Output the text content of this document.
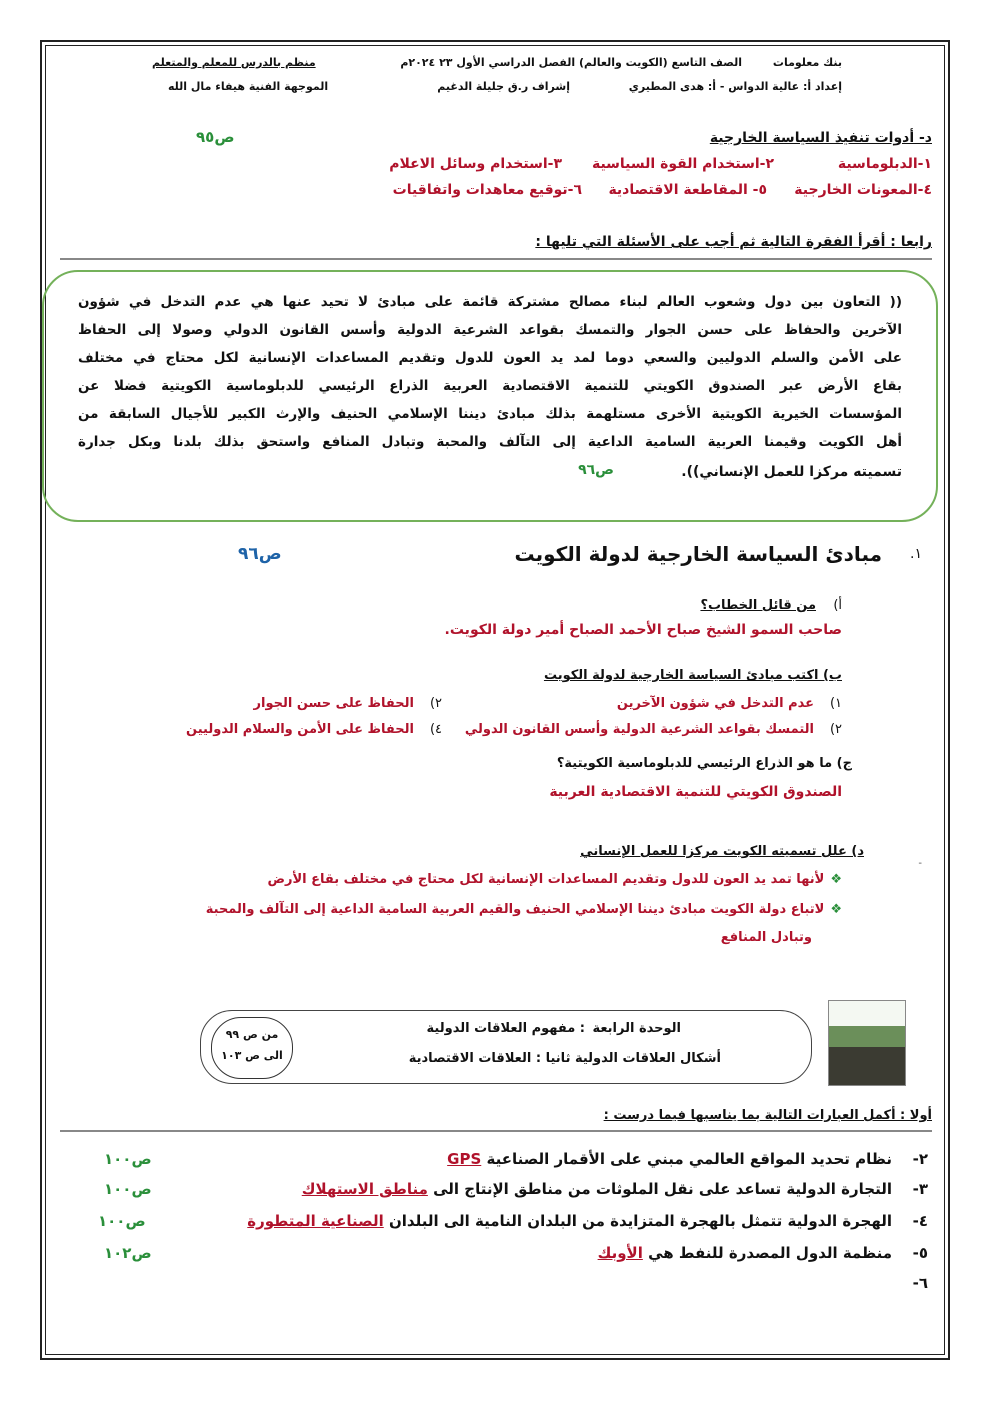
بنك معلومات
الصف التاسع (الكويت والعالم) الفصل الدراسي الأول ٢٣ ٢٠٢٤م
منظم بالدرس للمعلم والمتعلم
إعداد أ: عالية الدواس - أ: هدى المطيري
إشراف ر.ق جليلة الدغيم
الموجهة الفنية هيفاء مال الله
د- أدوات تنفيذ السياسة الخارجية
ص٩٥
١-الدبلوماسية
٢-استخدام القوة السياسية
٣-استخدام وسائل الاعلام
٤-المعونات الخارجية
٥- المقاطعة الاقتصادية
٦-توقيع معاهدات واتفاقيات
رابعا : أقرأ الفقرة التالية ثم أجب على الأسئلة التي تليها :

(( التعاون بين دول وشعوب العالم لبناء مصالح مشتركة قائمة على مبادئ لا تحيد عنها هي عدم التدخل في شؤون

الآخرين والحفاظ على حسن الجوار والتمسك بقواعد الشرعية الدولية وأسس القانون الدولي وصولا إلى الحفاظ

على الأمن والسلم الدوليين والسعي دوما لمد يد العون للدول وتقديم المساعدات الإنسانية لكل محتاج في مختلف

بقاع الأرض عبر الصندوق الكويتي للتنمية الاقتصادية العربية الذراع الرئيسي للدبلوماسية الكويتية فضلا عن

المؤسسات الخيرية الكويتية الأخرى مستلهمة بذلك مبادئ ديننا الإسلامي الحنيف والإرث الكبير للأجيال السابقة من

أهل الكويت وقيمنا العربية السامية الداعية إلى التآلف والمحبة وتبادل المنافع واستحق بذلك بلدنا وبكل جدارة

تسميته مركزا للعمل الإنساني)).
ص٩٦
١.
مبادئ السياسة الخارجية لدولة الكويت
ص٩٦
أ)
من قائل الخطاب؟
صاحب السمو الشيخ صباح الأحمد الصباح أمير دولة الكويت.
ب) اكتب مبادئ السياسة الخارجية لدولة الكويت
١)
عدم التدخل في شؤون الآخرين
٢)
الحفاظ على حسن الجوار
٢)
التمسك بقواعد الشرعية الدولية وأسس القانون الدولي
٤)
الحفاظ على الأمن والسلام الدوليين
ج) ما هو الذراع الرئيسي للدبلوماسية الكويتية؟
الصندوق الكويتي للتنمية الاقتصادية العربية
د) علل تسميته الكويت مركزا للعمل الإنساني
-
❖لأنها تمد يد العون للدول وتقديم المساعدات الإنسانية لكل محتاج في مختلف بقاع الأرض
❖لاتباع دولة الكويت مبادئ ديننا الإسلامي الحنيف والقيم العربية السامية الداعية إلى التآلف والمحبة
وتبادل المنافع
الوحدة الرابعة
: مفهوم العلاقات الدولية
أشكال العلاقات الدولية ثانيا : العلاقات الاقتصادية
من ص ٩٩
الى ص ١٠٣
أولا : أكمل العبارات التالية بما يناسبها فيما درست :
٢-
نظام تحديد المواقع العالمي مبني على الأقمار الصناعية GPS
ص١٠٠
٣-
التجارة الدولية تساعد على نقل الملوثات من مناطق الإنتاج الى مناطق الاستهلاك
ص١٠٠
٤-
الهجرة الدولية تتمثل بالهجرة المتزايدة من البلدان النامية الى البلدان الصناعية المتطورة
ص١٠٠
٥-
منظمة الدول المصدرة للنفط هي الأوبك
ص١٠٢
٦-
